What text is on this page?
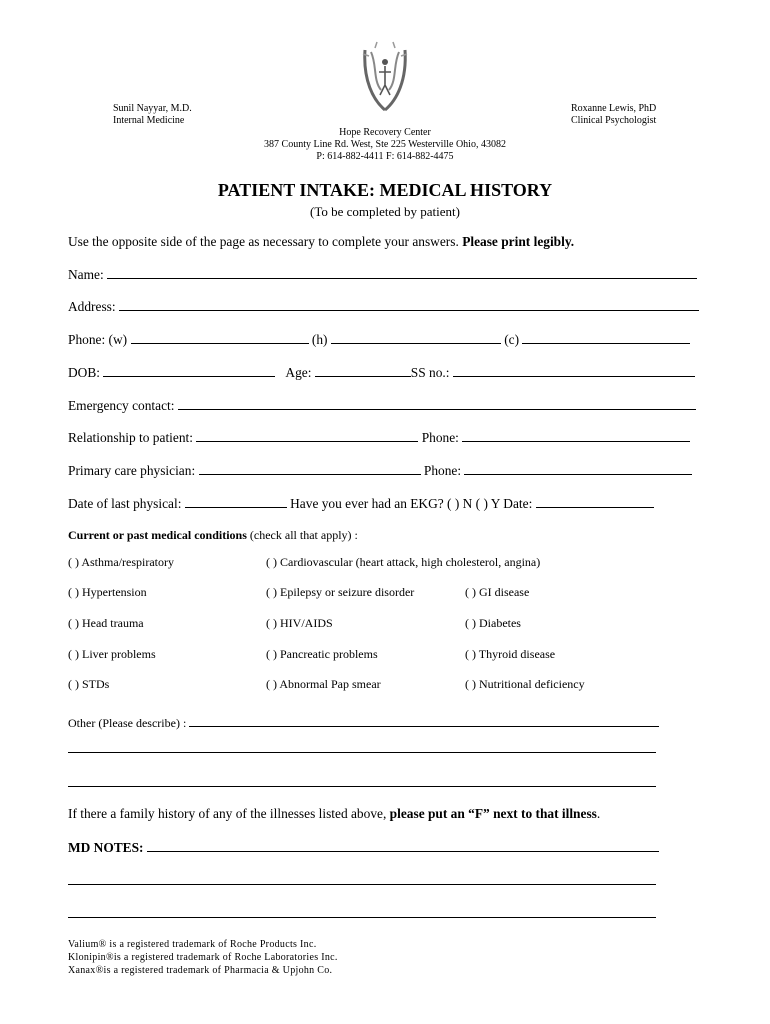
Sunil Nayyar, M.D.
Internal Medicine
Roxanne Lewis, PhD
Clinical Psychologist
Hope Recovery Center
387 County Line Rd. West, Ste 225 Westerville Ohio, 43082
P: 614-882-4411 F: 614-882-4475
PATIENT INTAKE: MEDICAL HISTORY
(To be completed by patient)
Use the opposite side of the page as necessary to complete your answers. Please print legibly.
Name:
Address:
Phone: (w)	(h)	(c)
DOB:	Age:	SS no.:
Emergency contact:
Relationship to patient:	Phone:
Primary care physician:	Phone:
Date of last physical:	Have you ever had an EKG? ( ) N ( ) Y Date:
Current or past medical conditions (check all that apply) :
( ) Asthma/respiratory	( ) Cardiovascular (heart attack, high cholesterol, angina)
( ) Hypertension	( ) Epilepsy or seizure disorder	( ) GI disease
( ) Head trauma	( ) HIV/AIDS	( ) Diabetes
( ) Liver problems	( ) Pancreatic problems	( ) Thyroid disease
( ) STDs	( ) Abnormal Pap smear	( ) Nutritional deficiency
Other (Please describe) :
If there a family history of any of the illnesses listed above, please put an “F” next to that illness.
MD NOTES:
Valium® is a registered trademark of Roche Products Inc.
Klonipin®is a registered trademark of Roche Laboratories Inc.
Xanax®is a registered trademark of Pharmacia & Upjohn Co.
